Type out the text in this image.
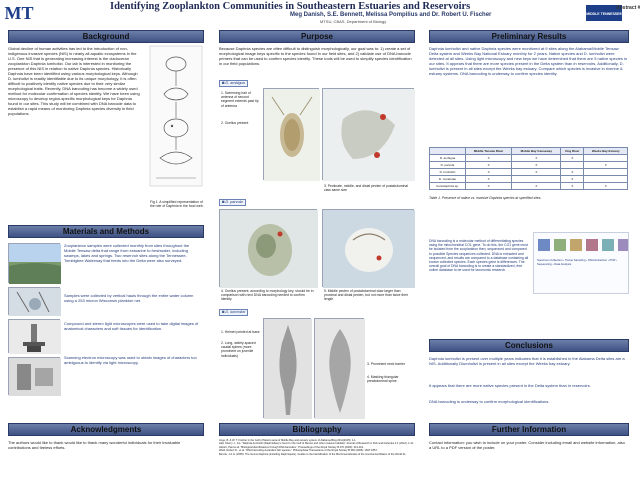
MT	Identifying Zooplankton Communities in Southeastern Estuaries and Reservoirs
Meg Danish, S.E. Bennett, Melissa Pompilius and Dr. Robert U. Fischer
MTSU, CBAS, Department of Biology
MIDDLE TENNESSEE
Abstract #
Background
Global decline of human activities has led to the introduction of non-indigenous invasive species (NIS) in nearly all aquatic ecosystems in the U.S. One NIS that is generating increasing interest is the cladoceran zooplankton Daphnia lumholtzi. Our lab is interested in monitoring the presence of this NIS in relation to native Daphnia species. Historically Daphnia have been identified using various morphological keys. Although D. lumholtzi is readily identifiable due to its unique morphology, it is often difficult to positively identify native species due to their very similar morphological traits. Recently, DNA barcoding has become a widely used method for molecular confirmation of species identity. We have been using microscopy to develop region-specific morphological keys for Daphnia found in our sites. This study will be combined with DNA barcode data to establish a rapid means of monitoring Daphnia species diversity in field populations.
Fig 1. A simplified representation of the role of Daphnia in the food web.
Materials and Methods
Zooplankton samples were collected monthly from sites throughout the Mobile Tensaw delta that range from estuarine to freshwater, including swamps, lakes and springs. Two reservoir sites along the Tennessee-Tombigbee Waterway that feeds into the Delta were also surveyed.
Samples were collected by vertical hauls through the entire water column using a 253 micron Wisconsin plankton net.
Compound and stereo light microscopes were used to take digital images of anatomical characters and soft tissues for identification.
Scanning electron microscopy was used to obtain images of characters too ambiguous to identify via light microscopy.
Acknowledgments
The authors would like to thank would like to thank many wonderful individuals for their invaluable contributions and tireless efforts.
Purpose
Because Daphnia species are often difficult to distinguish morphologically, our goal was to: 1) create a set of morphological image keys specific to the species found in our field sites, and 2) validate use of DNA barcode primers that can be used to confirm species identity. These tools will be used to simplify species identification in our field populations.
◙ D. ambigua
1. Swimming hair of antenna of second segment extends past tip of antenna
2. Ocellus present
3. Pectinate, middle, and distal pecten of postabdominal claw same size
◙ D. parvula
4. Ocellus present; according to morphology key, should be in comparison with next DNA barcoding needed to confirm identity
5. Middle pecten of postabdominal claw larger than proximal and distal pecten, but not more than twice their length
◙ D. lumholtzi
1. Helmet pointed at base
2. Long, widely-spaced caudal spines (more prominent on juvenile individuals)
3. Prominent neck barrier
4. Masking triangular preabdominal spine
Bibliography
Ange, B. & W. T. Fischer in the Gulf of Mexico area of Mobile Bay and estuary system of Alabama Blog 2011(2015): 1-1.
Hall, Cherry J., 1st. "Daphnia lumholtzi (Daphniidae) is found in the Gulf of Mexico and other invasive habitats" Journal of Research in Fish and Fisheries 2.1 (2012): 1-11.
Hebert, Paul et al. "Biological identifications through DNA barcodes." Proceedings of the Royal Society B 270 (2003): 313-321.
Ward, Robert D., et al. "DNA barcoding Australia's fish species." Philosophical Transactions of the Royal Society B 360 (2005): 1847-1857.
Benzie, J.A.H. (2005). The Genus Daphnia (including Daphniopsis). Guides to the Identification of the Microinvertebrates of the Continental Waters of the World 21.
Preliminary Results
Daphnia lumholtzi and native Daphnia species were monitored at 9 sites along the Alabama/Mobile Tensaw Delta system and Weeks Bay National Estuary monthly for 2 years. Native species and D. lumholtzi were detected at all sites. Using light microscopy and new keys we have determined that there are 5 native species in our sites. It appears that there are more species present in the Delta system than in reservoirs. Additionally, D. lumholtzi is present in all sites except the Weeks bay estuary. Compare which species is invasive in riverine & estuary systems. DNA barcoding is underway to confirm species identity.
	Middle Tensaw River	Mobile Bay Causeway	Dog River	Weeks Bay Estuary
D. ambigua	X	X	X	
D. parvula	X	X		X
D. lumholtzi	X	X	X	
D. mendotae	X		X	
Ceriodaphnia sp.	X	X	X	X
Table 1. Presence of native vs. invasive Daphnia species at specified sites.
DNA barcoding is a molecular method of differentiating species using the mitochondrial CO1 gene. To do this, the CO1 gene must be isolated from the zooplankton then, sequenced and compared to possible Species sequences collected. DNA is extracted and sequenced, and results are compared to a database containing all known collected species. Each species gene is differences. The overall goal of DNA barcoding is to create a standardized, free online database to be used for taxonomic research.
Specimen Collection › Tissue Sampling › DNA Extraction › PCR › Sequencing › Data Analysis
Conclusions
Daphnia lumholtzi is present over multiple years indicates that it is established in the Alabama Delta sites are a NIS. Additionally Dlumholtzi is present in all sites except the Weeks bay estuary.
It appears that there are more native species present in the Delta system than in reservoirs.
DNA barcoding is underway to confirm morphological identifications.
Further Information
Contact information: you wish to include on your poster. Consider including email and website information, also a URL to a PDF version of the poster.
